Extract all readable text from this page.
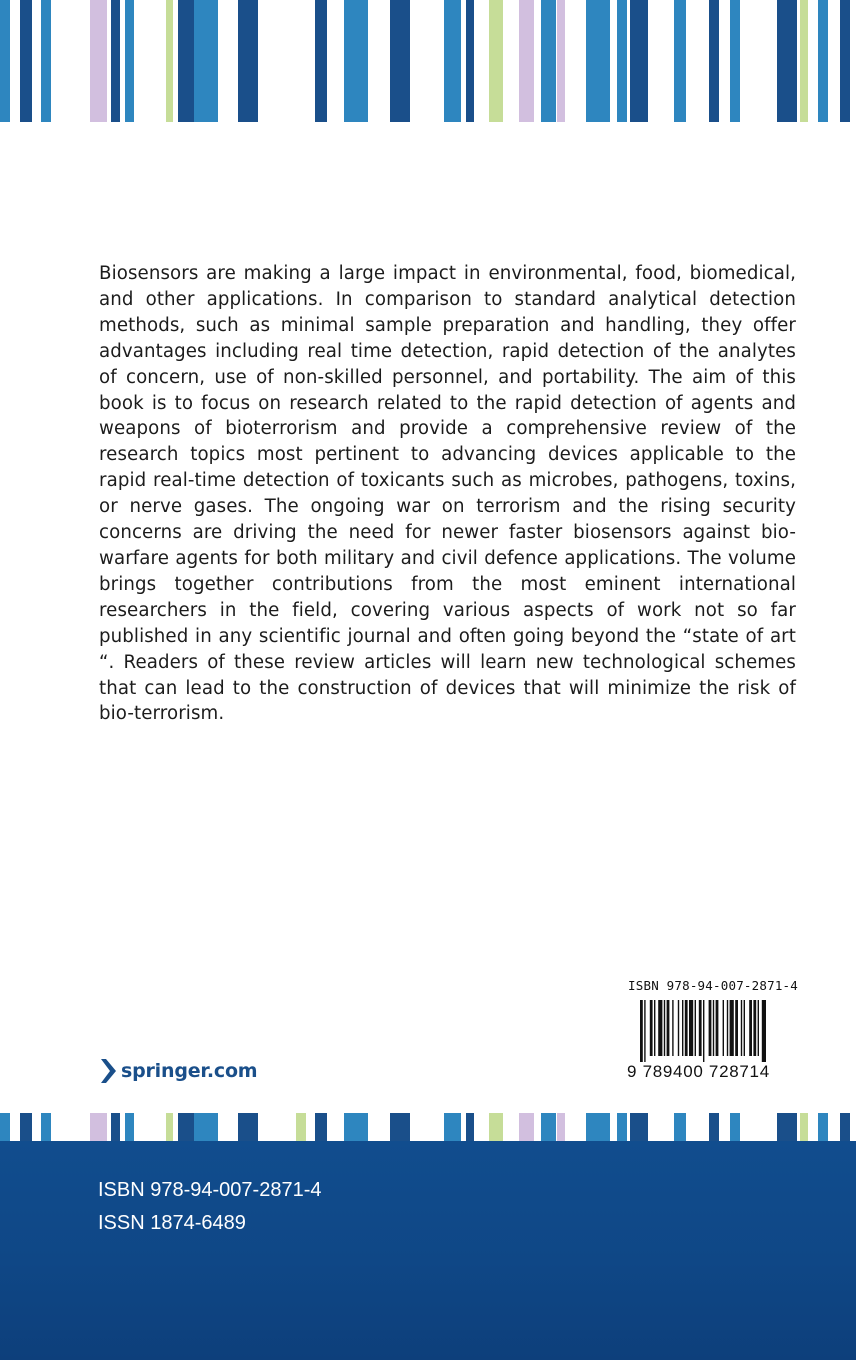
Biosensors are making a large impact in environmental, food, biomedical, and other applications. In comparison to standard analytical detection methods, such as minimal sample preparation and handling, they offer advantages including real time detection, rapid detection of the analytes of concern, use of non-skilled personnel, and portability. The aim of this book is to focus on research related to the rapid detection of agents and weapons of bioterrorism and provide a comprehensive review of the research topics most pertinent to advancing devices applicable to the rapid real-time detection of toxicants such as microbes, pathogens, toxins, or nerve gases. The ongoing war on terrorism and the rising security concerns are driving the need for newer faster biosensors against bio-warfare agents for both military and civil defence applications. The volume brings together contributions from the most eminent international researchers in the field, covering various aspects of work not so far published in any scientific journal and often going beyond the “state of art “. Readers of these review articles will learn new technological schemes that can lead to the construction of devices that will minimize the risk of bio-terrorism.

ISBN 978-94-007-2871-4
9 789400 728714
springer.com
ISBN 978-94-007-2871-4
ISSN 1874-6489
